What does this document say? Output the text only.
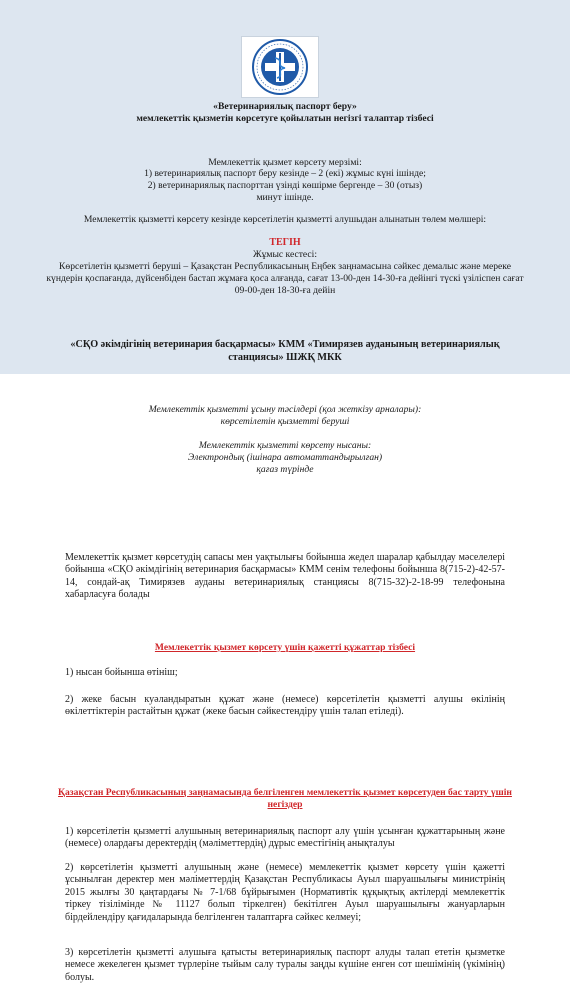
«Ветеринариялық паспорт беру»
мемлекеттік қызметін көрсетуге қойылатын негізгі талаптар тізбесі
Мемлекеттік қызмет көрсету мерзімі:
1) ветеринариялық паспорт беру кезінде – 2 (екі) жұмыс күні ішінде;
2) ветеринариялық паспорттан үзінді көшірме бергенде – 30 (отыз)
минут ішінде.
Мемлекеттік қызметті көрсету кезінде көрсетілетін қызметті алушыдан алынатын төлем мөлшері:
ТЕГІН
Жұмыс кестесі:
Көрсетілетін қызметті беруші – Қазақстан Республикасының Еңбек заңнамасына сәйкес демалыс және мереке күндерін қоспағанда, дүйсенбіден бастап жұмаға қоса алғанда, сағат 13-00-ден 14-30-ға дейінгі түскі үзіліспен сағат 09-00-ден 18-30-ға дейін
«СҚО әкімдігінің ветеринария басқармасы» КММ «Тимирязев ауданының ветеринариялық станциясы» ШЖҚ МКК
Мемлекеттік қызметті ұсыну тәсілдері (қол жеткізу арналары):
көрсетілетін қызметті беруші
Мемлекеттік қызметті көрсету нысаны:
Электрондық (ішінара автоматтандырылған)
қағаз түрінде
Мемлекеттік қызмет көрсетудің сапасы мен уақтылығы бойынша жедел шаралар қабылдау мәселелері бойынша «СҚО әкімдігінің ветеринария басқармасы» КММ сенім телефоны бойынша 8(715-2)-42-57-14, сондай-ақ Тимирязев ауданы ветеринариялық станциясы 8(715-32)-2-18-99 телефонына хабарласуға болады
Мемлекеттік қызмет көрсету үшін қажетті құжаттар тізбесі
1) нысан бойынша өтініш;
2) жеке басын куәландыратын құжат және (немесе) көрсетілетін қызметті алушы өкілінің өкілеттіктерін растайтын құжат (жеке басын сәйкестендіру үшін талап етіледі).
Қазақстан Республикасының заңнамасында белгіленген мемлекеттік қызмет көрсетуден бас тарту үшін негіздер
1) көрсетілетін қызметті алушының ветеринариялық паспорт алу үшін ұсынған құжаттарының және (немесе) олардағы деректердің (мәліметтердің) дұрыс еместігінің анықталуы
2) көрсетілетін қызметті алушының және (немесе) мемлекеттік қызмет көрсету үшін қажетті ұсынылған деректер мен мәліметтердің Қазақстан Республикасы Ауыл шаруашылығы министрінің 2015 жылғы 30 қаңтардағы № 7-1/68 бұйрығымен (Нормативтік құқықтық актілерді мемлекеттік тіркеу тізілімінде № 11127 болып тіркелген) бекітілген Ауыл шаруашылығы жануарларын бірдейлендіру қағидаларында белгіленген талаптарға сәйкес келмеуі;
3) көрсетілетін қызметті алушыға қатысты ветеринариялық паспорт алуды талап ететін қызметке немесе жекелеген қызмет түрлеріне тыйым салу туралы заңды күшіне енген сот шешімінің (үкімінің) болуы.
